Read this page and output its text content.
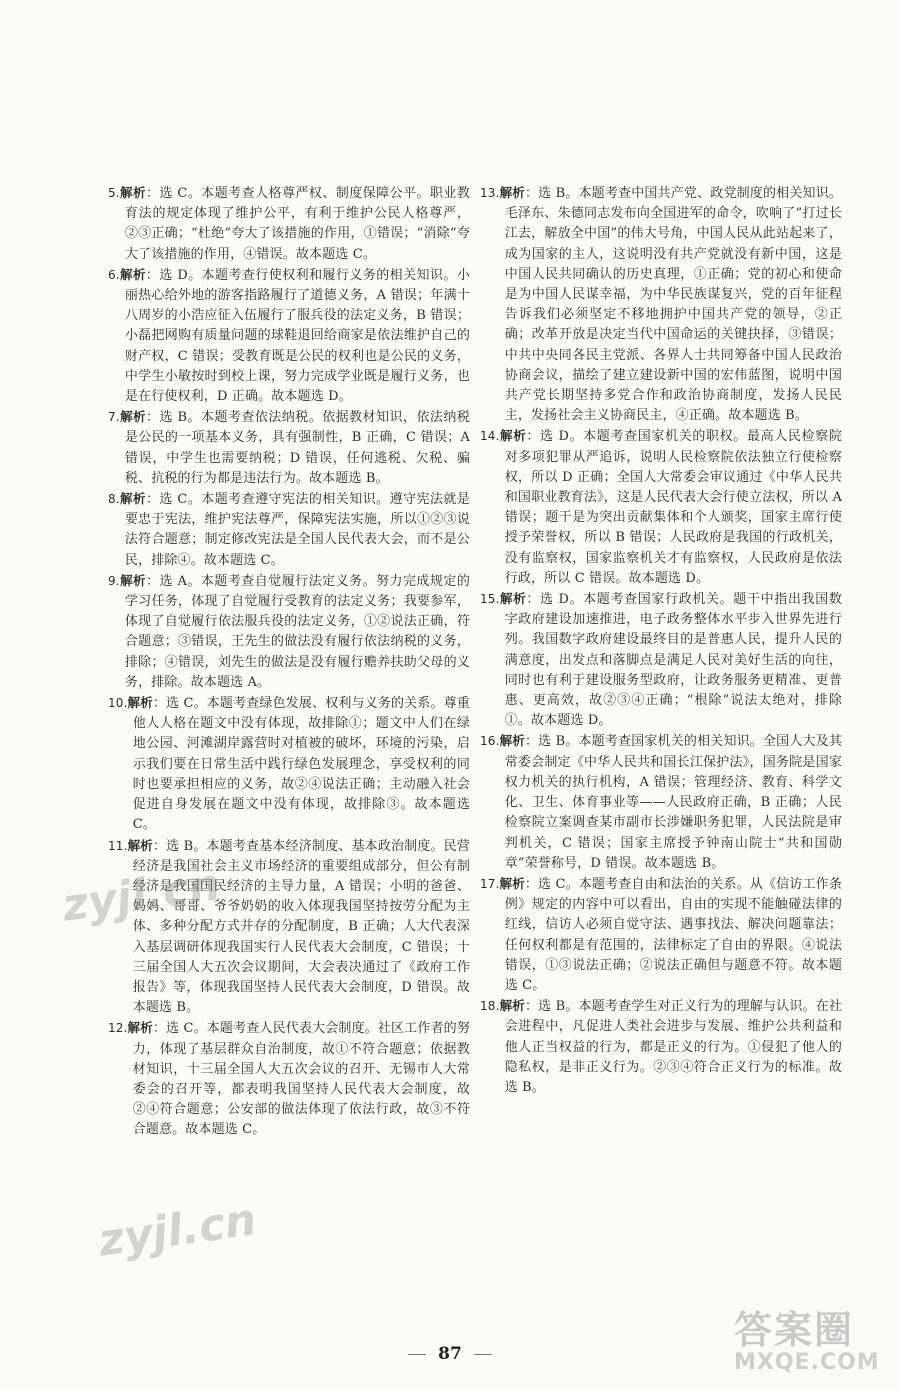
5.解析：选 C。本题考查人格尊严权、制度保障公平。职业教育法的规定体现了维护公平，有利于维护公民人格尊严，②③正确；“杜绝”夸大了该措施的作用，①错误；“消除”夸大了该措施的作用，④错误。故本题选 C。

6.解析：选 D。本题考查行使权利和履行义务的相关知识。小丽热心给外地的游客指路履行了道德义务，A 错误；年满十八周岁的小浩应征入伍履行了服兵役的法定义务，B 错误；小磊把网购有质量问题的球鞋退回给商家是依法维护自己的财产权，C 错误；受教育既是公民的权利也是公民的义务，中学生小敏按时到校上课，努力完成学业既是履行义务，也是在行使权利，D 正确。故本题选 D。

7.解析：选 B。本题考查依法纳税。依据教材知识，依法纳税是公民的一项基本义务，具有强制性，B 正确，C 错误；A 错误，中学生也需要纳税；D 错误，任何逃税、欠税、骗税、抗税的行为都是违法行为。故本题选 B。

8.解析：选 C。本题考查遵守宪法的相关知识。遵守宪法就是要忠于宪法，维护宪法尊严，保障宪法实施，所以①②③说法符合题意；制定修改宪法是全国人民代表大会，而不是公民，排除④。故本题选 C。

9.解析：选 A。本题考查自觉履行法定义务。努力完成规定的学习任务，体现了自觉履行受教育的法定义务；我要参军，体现了自觉履行依法服兵役的法定义务，①②说法正确，符合题意；③错误，王先生的做法没有履行依法纳税的义务，排除；④错误，刘先生的做法是没有履行赡养扶助父母的义务，排除。故本题选 A。

10.解析：选 C。本题考查绿色发展、权利与义务的关系。尊重他人人格在题文中没有体现，故排除①；题文中人们在绿地公园、河滩湖岸露营时对植被的破坏，环境的污染，启示我们要在日常生活中践行绿色发展理念，享受权利的同时也要承担相应的义务，故②④说法正确；主动融入社会促进自身发展在题文中没有体现，故排除③。故本题选 C。

11.解析：选 B。本题考查基本经济制度、基本政治制度。民营经济是我国社会主义市场经济的重要组成部分，但公有制经济是我国国民经济的主导力量，A 错误；小明的爸爸、妈妈、哥哥、爷爷奶奶的收入体现我国坚持按劳分配为主体、多种分配方式并存的分配制度，B 正确；人大代表深入基层调研体现我国实行人民代表大会制度，C 错误；十三届全国人大五次会议期间，大会表决通过了《政府工作报告》等，体现我国坚持人民代表大会制度，D 错误。故本题选 B。

12.解析：选 C。本题考查人民代表大会制度。社区工作者的努力，体现了基层群众自治制度，故①不符合题意；依据教材知识，十三届全国人大五次会议的召开、无锡市人大常委会的召开等，都表明我国坚持人民代表大会制度，故②④符合题意；公安部的做法体现了依法行政，故③不符合题意。故本题选 C。

13.解析：选 B。本题考查中国共产党、政党制度的相关知识。毛泽东、朱德同志发布向全国进军的命令，吹响了“打过长江去，解放全中国”的伟大号角，中国人民从此站起来了，成为国家的主人，这说明没有共产党就没有新中国，这是中国人民共同确认的历史真理，①正确；党的初心和使命是为中国人民谋幸福，为中华民族谋复兴，党的百年征程告诉我们必须坚定不移地拥护中国共产党的领导，②正确；改革开放是决定当代中国命运的关键抉择，③错误；中共中央同各民主党派、各界人士共同筹备中国人民政治协商会议，描绘了建立建设新中国的宏伟蓝图，说明中国共产党长期坚持多党合作和政治协商制度，发扬人民民主，发扬社会主义协商民主，④正确。故本题选 B。

14.解析：选 D。本题考查国家机关的职权。最高人民检察院对多项犯罪从严追诉，说明人民检察院依法独立行使检察权，所以 D 正确；全国人大常委会审议通过《中华人民共和国职业教育法》，这是人民代表大会行使立法权，所以 A 错误；题干是为突出贡献集体和个人颁奖，国家主席行使授予荣誉权，所以 B 错误；人民政府是我国的行政机关，没有监察权，国家监察机关才有监察权，人民政府是依法行政，所以 C 错误。故本题选 D。

15.解析：选 D。本题考查国家行政机关。题干中指出我国数字政府建设加速推进，电子政务整体水平步入世界先进行列。我国数字政府建设最终目的是普惠人民，提升人民的满意度，出发点和落脚点是满足人民对美好生活的向往，同时也有利于建设服务型政府，让政务服务更精准、更普惠、更高效，故②③④正确；“根除”说法太绝对，排除①。故本题选 D。

16.解析：选 B。本题考查国家机关的相关知识。全国人大及其常委会制定《中华人民共和国长江保护法》，国务院是国家权力机关的执行机构，A 错误；管理经济、教育、科学文化、卫生、体育事业等——人民政府正确，B 正确；人民检察院立案调查某市副市长涉嫌职务犯罪，人民法院是审判机关，C 错误；国家主席授予钟南山院士“共和国勋章”荣誉称号，D 错误。故本题选 B。

17.解析：选 C。本题考查自由和法治的关系。从《信访工作条例》规定的内容中可以看出，自由的实现不能触碰法律的红线，信访人必须自觉守法、遇事找法、解决问题靠法；任何权利都是有范围的，法律标定了自由的界限。④说法错误，①③说法正确；②说法正确但与题意不符。故本题选 C。

18.解析：选 B。本题考查学生对正义行为的理解与认识。在社会进程中，凡促进人类社会进步与发展、维护公共利益和他人正当权益的行为，都是正义的行为。①侵犯了他人的隐私权，是非正义行为。②③④符合正义行为的标准。故选 B。

zyjl.cn
zyjl.cn
87
答案圈
MXQE.COM
